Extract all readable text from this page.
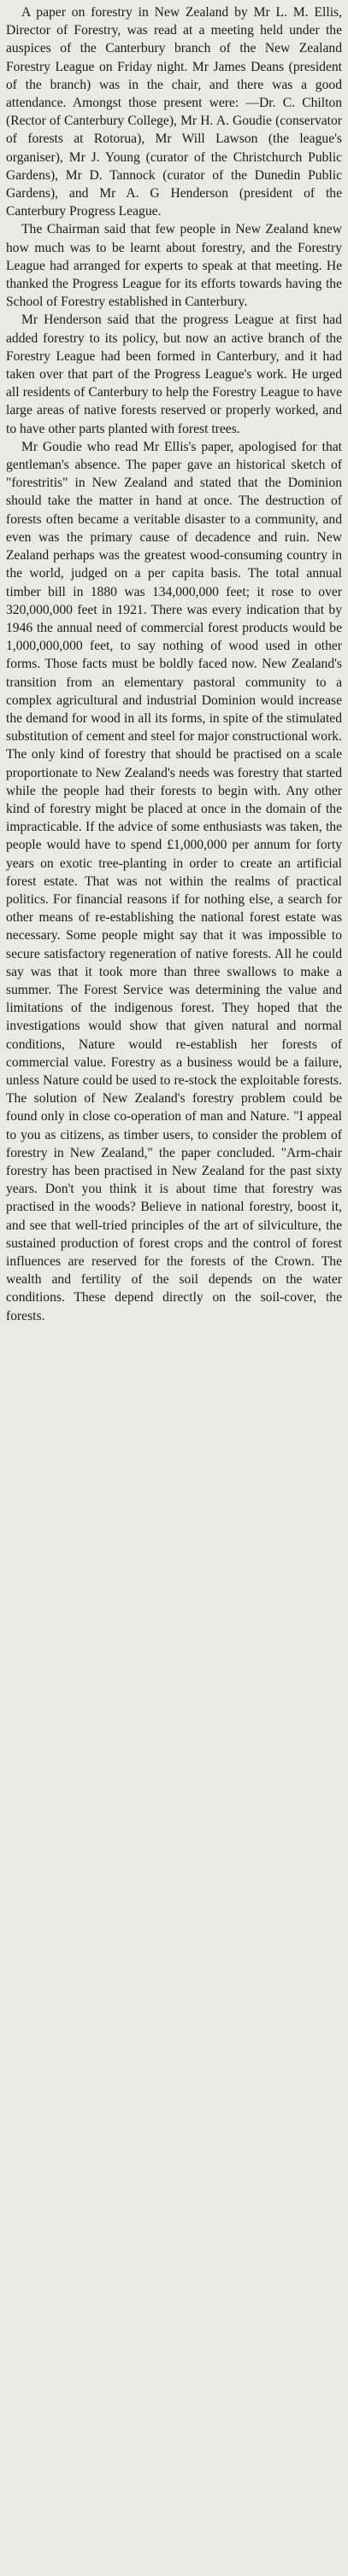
A paper on forestry in New Zealand by Mr L. M. Ellis, Director of Forestry, was read at a meeting held under the auspices of the Canterbury branch of the New Zealand Forestry League on Friday night. Mr James Deans (president of the branch) was in the chair, and there was a good attendance. Amongst those present were: —Dr. C. Chilton (Rector of Canterbury College), Mr H. A. Goudie (conservator of forests at Rotorua), Mr Will Lawson (the league's organiser), Mr J. Young (curator of the Christchurch Public Gardens), Mr D. Tannock (curator of the Dunedin Public Gardens), and Mr A. G Henderson (president of the Canterbury Progress League.

The Chairman said that few people in New Zealand knew how much was to be learnt about forestry, and the Forestry League had arranged for experts to speak at that meeting. He thanked the Progress League for its efforts towards having the School of Forestry established in Canterbury.

Mr Henderson said that the progress League at first had added forestry to its policy, but now an active branch of the Forestry League had been formed in Canterbury, and it had taken over that part of the Progress League's work. He urged all residents of Canterbury to help the Forestry League to have large areas of native forests reserved or properly worked, and to have other parts planted with forest trees.

Mr Goudie who read Mr Ellis's paper, apologised for that gentleman's absence. The paper gave an historical sketch of "forestritis" in New Zealand and stated that the Dominion should take the matter in hand at once. The destruction of forests often became a veritable disaster to a community, and even was the primary cause of decadence and ruin. New Zealand perhaps was the greatest wood-consuming country in the world, judged on a per capita basis. The total annual timber bill in 1880 was 134,000,000 feet; it rose to over 320,000,000 feet in 1921. There was every indication that by 1946 the annual need of commercial forest products would be 1,000,000,000 feet, to say nothing of wood used in other forms. Those facts must be boldly faced now. New Zealand's transition from an elementary pastoral community to a complex agricultural and industrial Dominion would increase the demand for wood in all its forms, in spite of the stimulated substitution of cement and steel for major constructional work. The only kind of forestry that should be practised on a scale proportionate to New Zealand's needs was forestry that started while the people had their forests to begin with. Any other kind of forestry might be placed at once in the domain of the impracticable. If the advice of some enthusiasts was taken, the people would have to spend £1,000,000 per annum for forty years on exotic tree-planting in order to create an artificial forest estate. That was not within the realms of practical politics. For financial reasons if for nothing else, a search for other means of re-establishing the national forest estate was necessary. Some people might say that it was impossible to secure satisfactory regeneration of native forests. All he could say was that it took more than three swallows to make a summer. The Forest Service was determining the value and limitations of the indigenous forest. They hoped that the investigations would show that given natural and normal conditions, Nature would re-establish her forests of commercial value. Forestry as a business would be a failure, unless Nature could be used to re-stock the exploitable forests. The solution of New Zealand's forestry problem could be found only in close co-operation of man and Nature. "I appeal to you as citizens, as timber users, to consider the problem of forestry in New Zealand," the paper concluded. "Arm-chair forestry has been practised in New Zealand for the past sixty years. Don't you think it is about time that forestry was practised in the woods? Believe in national forestry, boost it, and see that well-tried principles of the art of silviculture, the sustained production of forest crops and the control of forest influences are reserved for the forests of the Crown. The wealth and fertility of the soil depends on the water conditions. These depend directly on the soil-cover, the forests.
